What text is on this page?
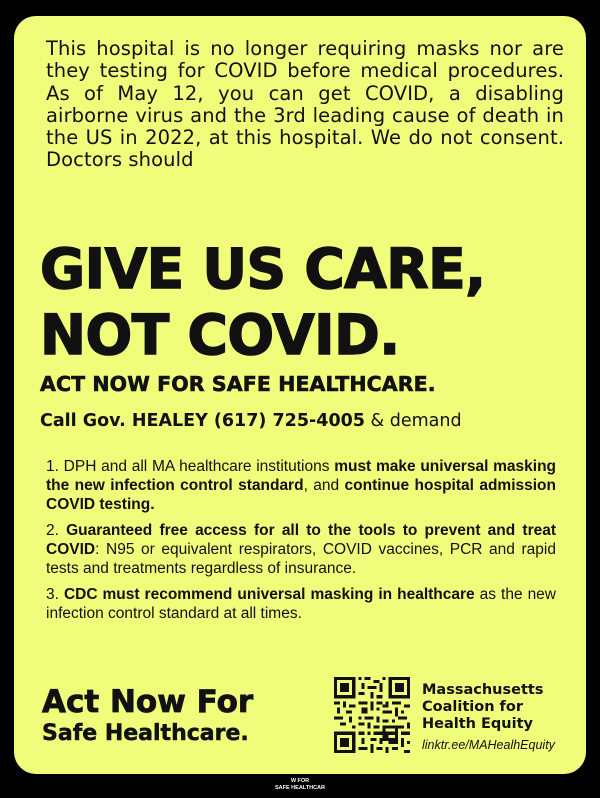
This hospital is no longer requiring masks nor are they testing for COVID before medical procedures. As of May 12, you can get COVID, a disabling airborne virus and the 3rd leading cause of death in the US in 2022, at this hospital. We do not consent. Doctors should

GIVE US CARE,
NOT COVID.
ACT NOW FOR SAFE HEALTHCARE.
Call Gov. HEALEY (617) 725-4005 & demand

1. DPH and all MA healthcare institutions must make universal masking the new infection control standard, and continue hospital admission COVID testing.

2. Guaranteed free access for all to the tools to prevent and treat COVID: N95 or equivalent respirators, COVID vaccines, PCR and rapid tests and treatments regardless of insurance.

3. CDC must recommend universal masking in healthcare as the new infection control standard at all times.

Act Now For
Safe Healthcare.
Massachusetts
Coalition for
Health Equity
linktr.ee/MAHealhEquity
W FOR
SAFE HEALTHCAR
